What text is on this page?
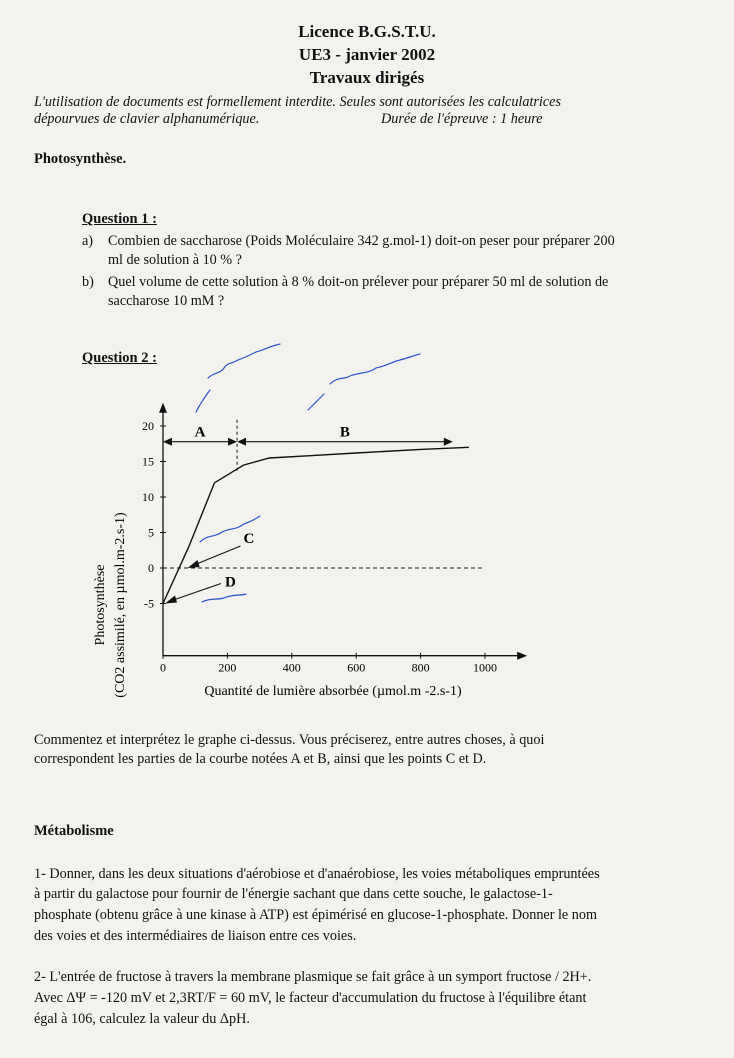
Licence B.G.S.T.U.
UE3 - janvier 2002
Travaux dirigés
L'utilisation de documents est formellement interdite. Seules sont autorisées les calculatrices
dépourvues de clavier alphanumérique.	Durée de l'épreuve : 1 heure
Photosynthèse.
Question 1 :
a) Combien de saccharose (Poids Moléculaire 342 g.mol-1) doit-on peser pour préparer 200
ml de solution à 10 % ?
b) Quel volume de cette solution à 8 % doit-on prélever pour préparer 50 ml de solution de
saccharose 10 mM ?
Question 2 :
Photosynthèse (CO2 assimilé, en µmol.m-2.s-1) -5
0
5
10
15
20
0	200	400	600	800	1000
A	B
C
D
Quantité de lumière absorbée (µmol.m -2.s-1)
Commentez et interprétez le graphe ci-dessus. Vous préciserez, entre autres choses, à quoi
correspondent les parties de la courbe notées A et B, ainsi que les points C et D.
Métabolisme
1- Donner, dans les deux situations d'aérobiose et d'anaérobiose, les voies métaboliques empruntées
à partir du galactose pour fournir de l'énergie sachant que dans cette souche, le galactose-1-
phosphate (obtenu grâce à une kinase à ATP) est épimérisé en glucose-1-phosphate. Donner le nom
des voies et des intermédiaires de liaison entre ces voies.
2- L'entrée de fructose à travers la membrane plasmique se fait grâce à un symport fructose / 2H+.
Avec ΔΨ = -120 mV et 2,3RT/F = 60 mV, le facteur d'accumulation du fructose à l'équilibre étant
égal à 106, calculez la valeur du ΔpH.
